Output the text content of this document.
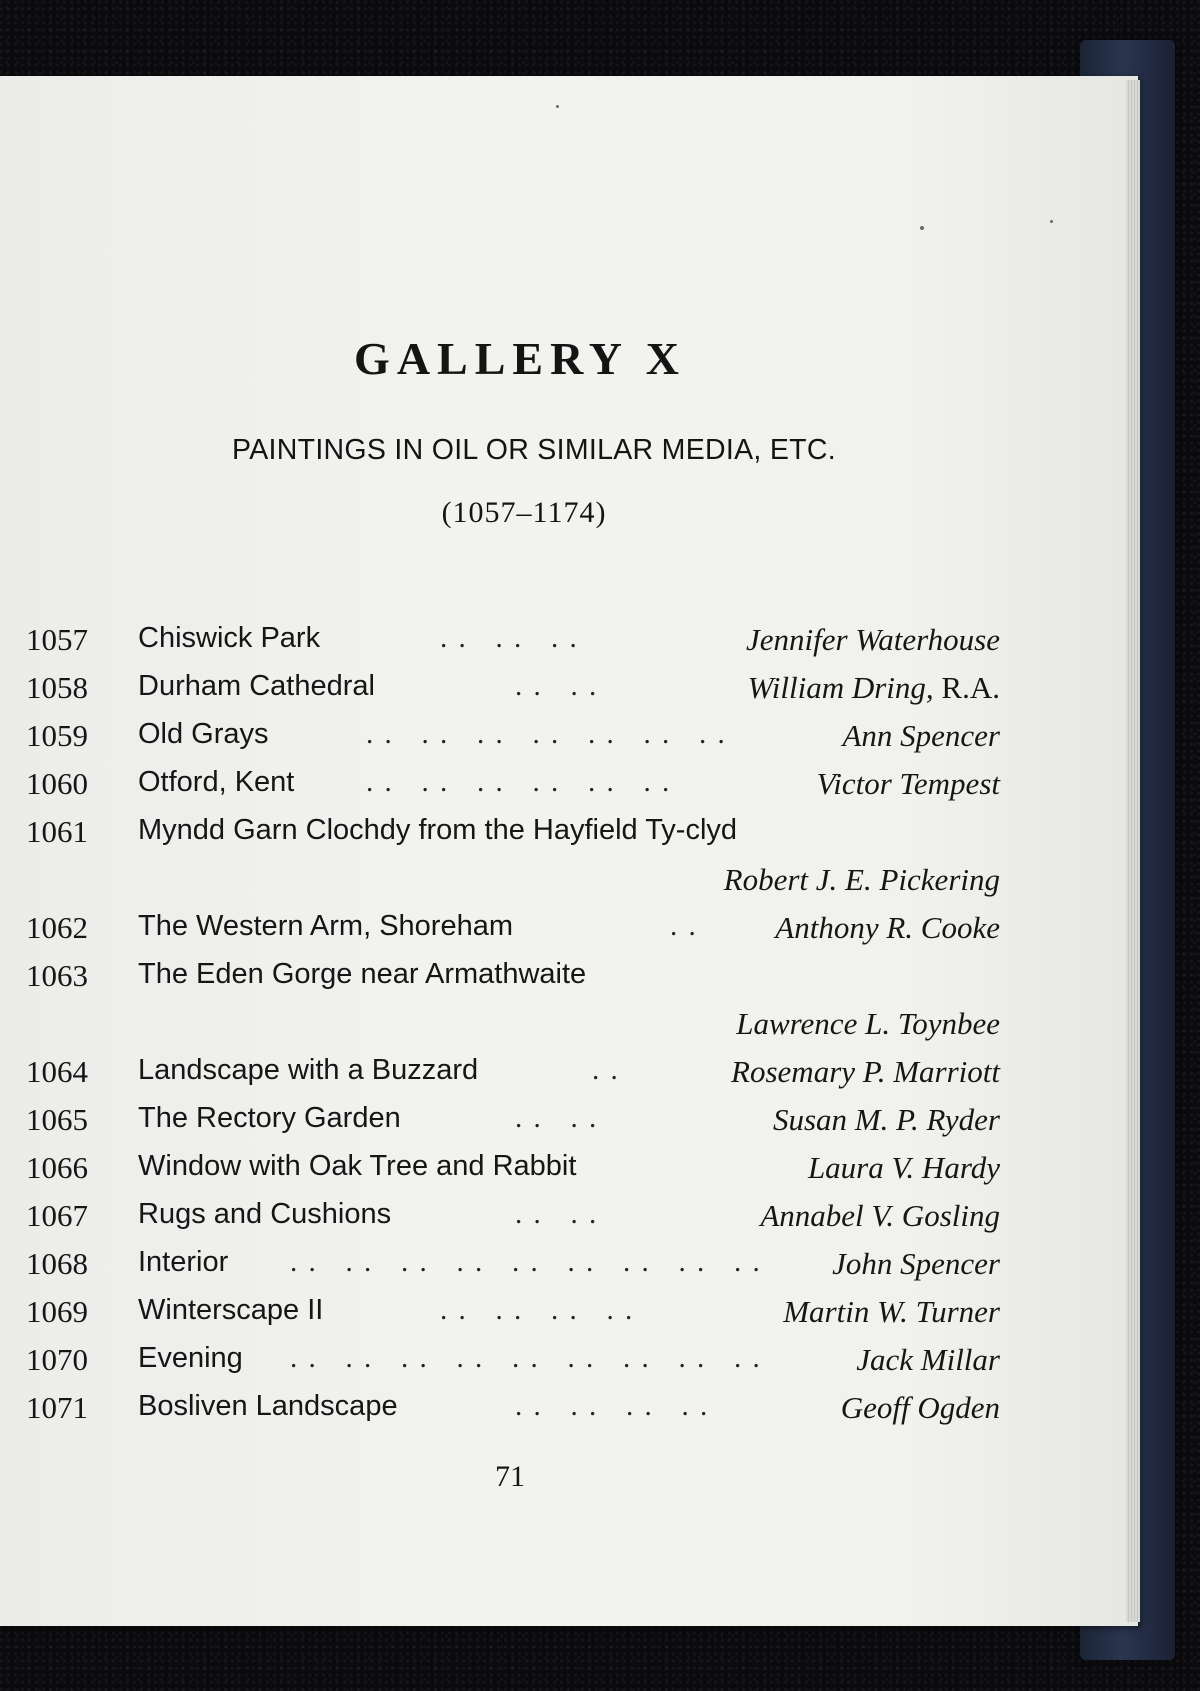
GALLERY X
PAINTINGS IN OIL OR SIMILAR MEDIA, ETC.
(1057–1174)
1057 Chiswick Park	. .   . .   . .	Jennifer Waterhouse
1058 Durham Cathedral	. .   . .	William Dring, R.A.
1059 Old Grays	. .   . .   . .   . .   . .   . .   . .	Ann Spencer
1060 Otford, Kent . .   . .   . .   . .   . .   . .	Victor Tempest
1061 Myndd Garn Clochdy from the Hayfield Ty-clyd
Robert J. E. Pickering
1062 The Western Arm, Shoreham	. .	Anthony R. Cooke
1063 The Eden Gorge near Armathwaite
Lawrence L. Toynbee
1064 Landscape with a Buzzard	. .	Rosemary P. Marriott
1065 The Rectory Garden	. .   . .	Susan M. P. Ryder
1066 Window with Oak Tree and Rabbit	Laura V. Hardy
1067 Rugs and Cushions	. .   . .	Annabel V. Gosling
1068 Interior . .   . .   . .   . .   . .   . .   . .   . .   . . John Spencer
1069 Winterscape II	. .   . .   . .   . .	Martin W. Turner
1070 Evening . .   . .   . .   . .   . .   . .   . .   . .   . .	Jack Millar
1071 Bosliven Landscape	. .   . .   . .   . .	Geoff Ogden
71
